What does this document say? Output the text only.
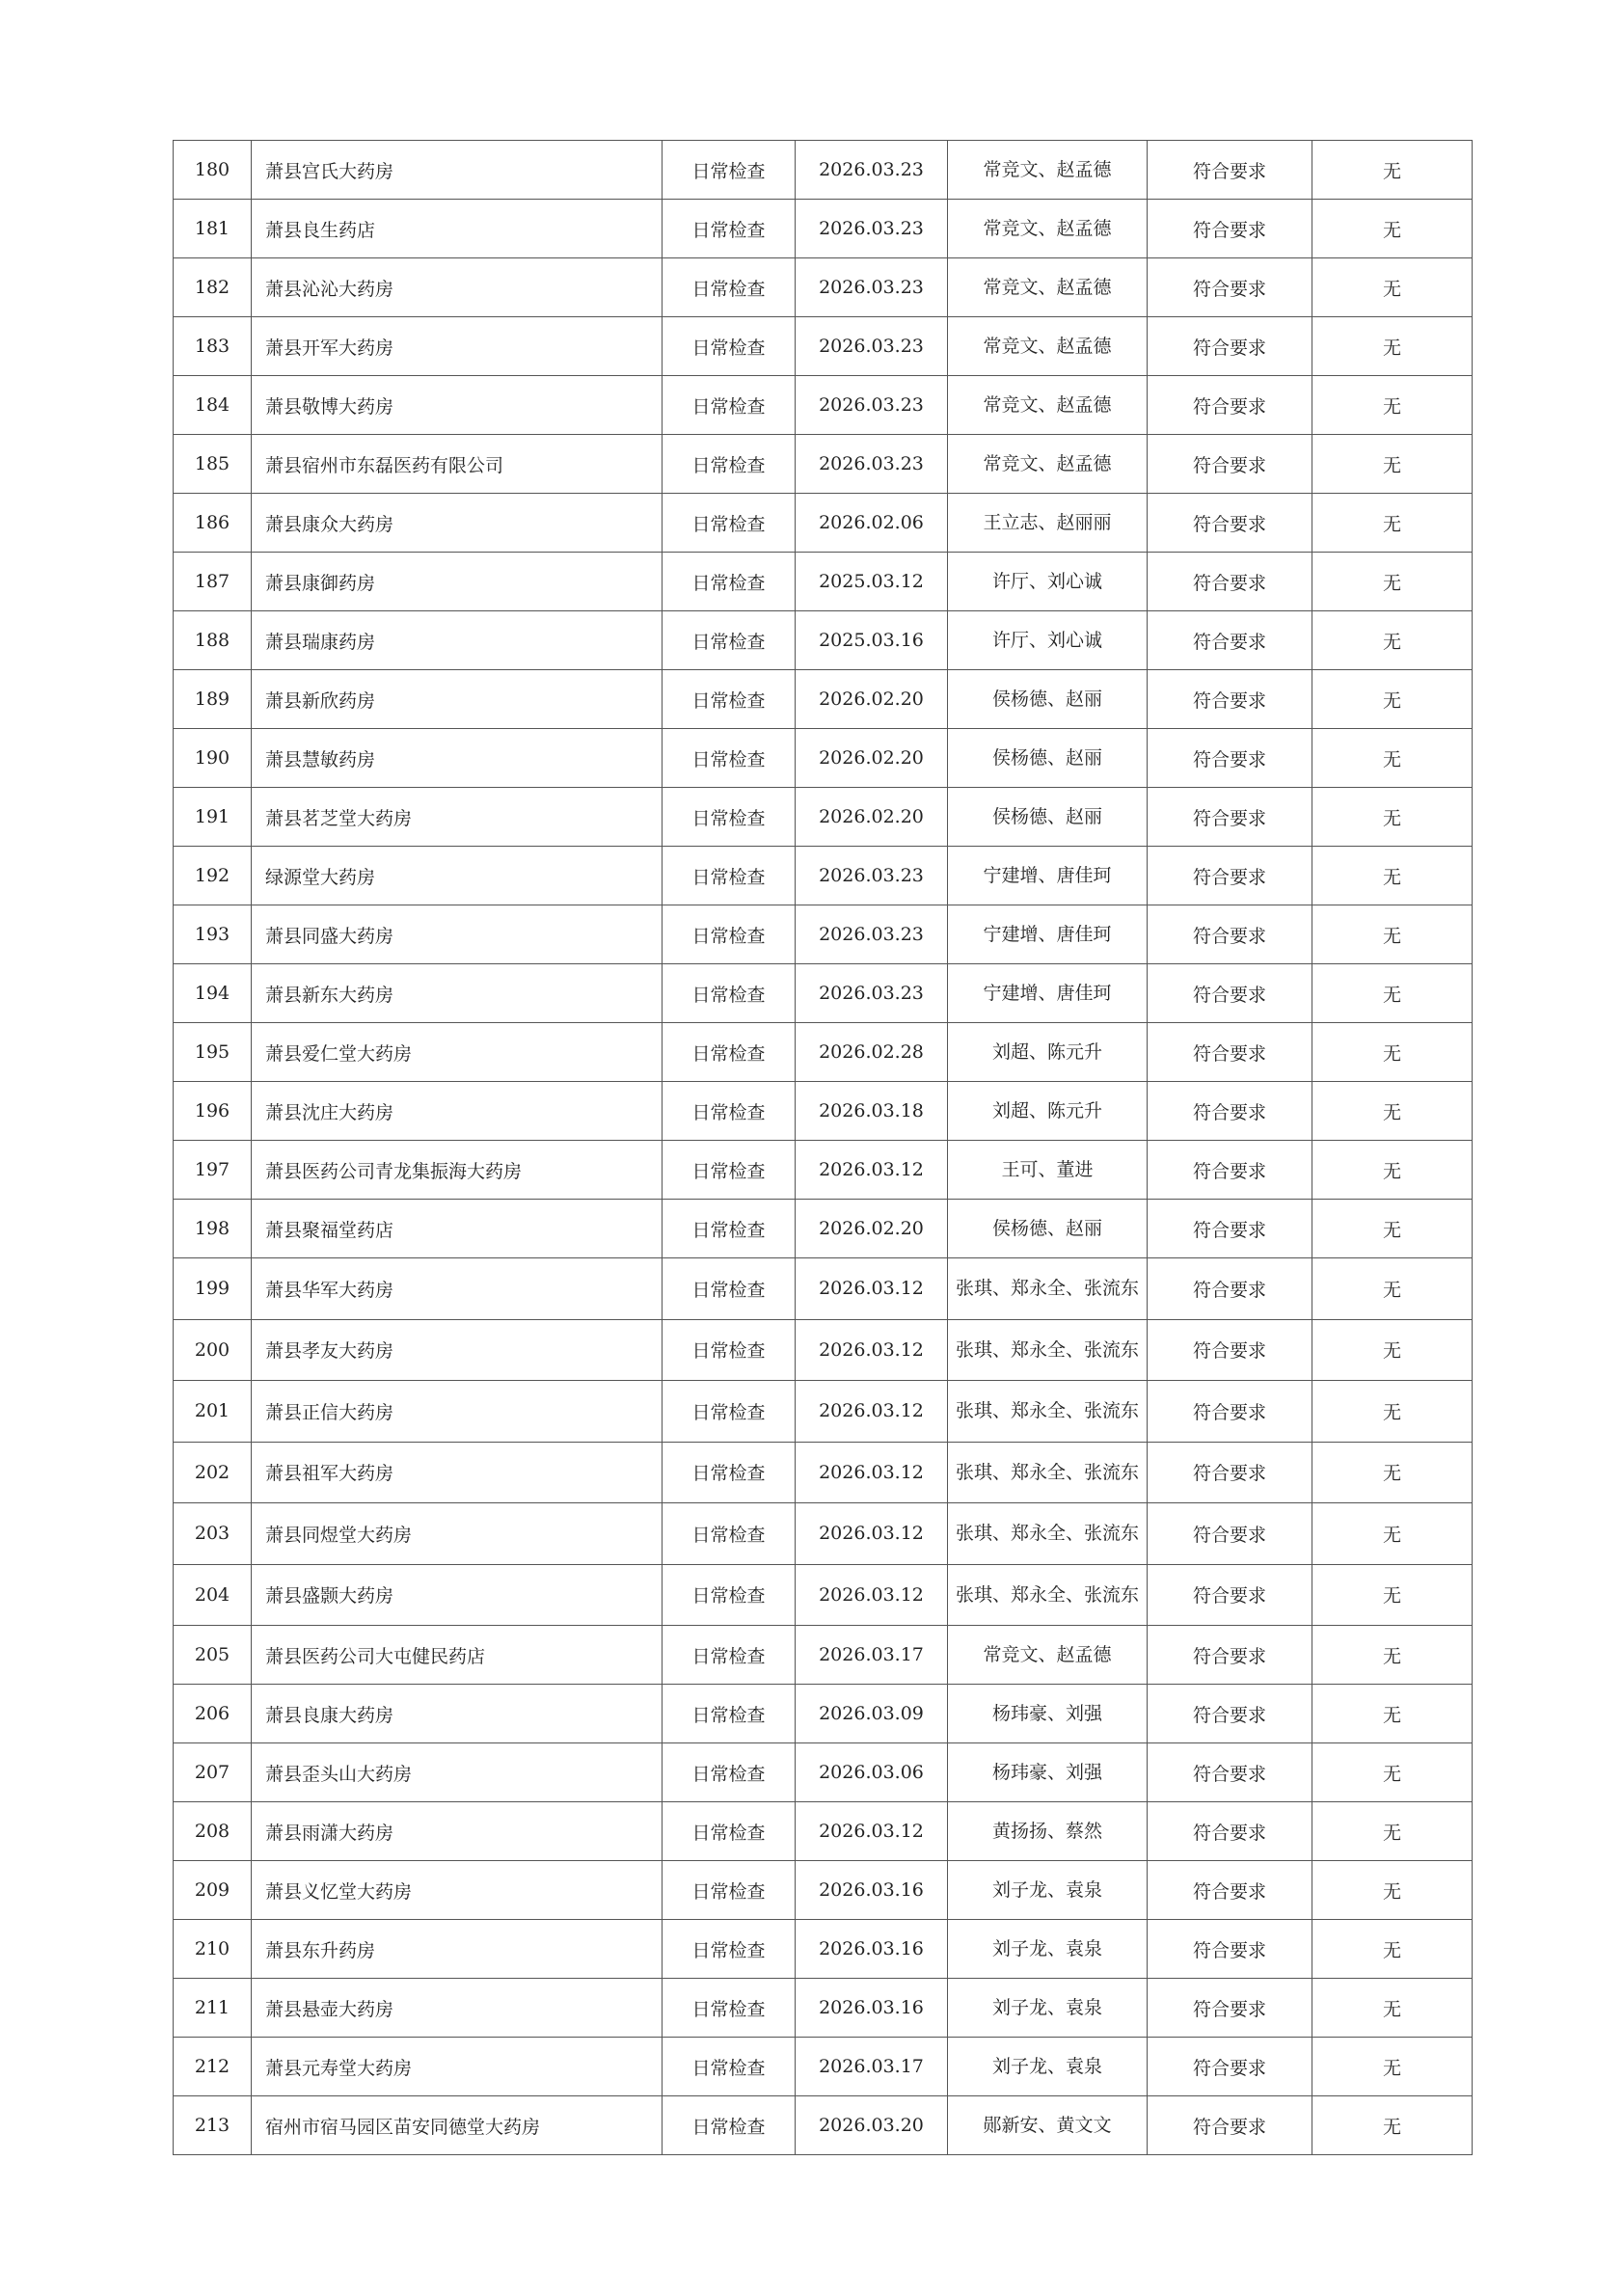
180	萧县宫氏大药房	日常检查	2026.03.23	常竞文、赵孟德	符合要求	无
181	萧县良生药店	日常检查	2026.03.23	常竞文、赵孟德	符合要求	无
182	萧县沁沁大药房	日常检查	2026.03.23	常竞文、赵孟德	符合要求	无
183	萧县开军大药房	日常检查	2026.03.23	常竞文、赵孟德	符合要求	无
184	萧县敬博大药房	日常检查	2026.03.23	常竞文、赵孟德	符合要求	无
185	萧县宿州市东磊医药有限公司	日常检查	2026.03.23	常竞文、赵孟德	符合要求	无
186	萧县康众大药房	日常检查	2026.02.06	王立志、赵丽丽	符合要求	无
187	萧县康御药房	日常检查	2025.03.12	许厅、刘心诚	符合要求	无
188	萧县瑞康药房	日常检查	2025.03.16	许厅、刘心诚	符合要求	无
189	萧县新欣药房	日常检查	2026.02.20	侯杨德、赵丽	符合要求	无
190	萧县慧敏药房	日常检查	2026.02.20	侯杨德、赵丽	符合要求	无
191	萧县茗芝堂大药房	日常检查	2026.02.20	侯杨德、赵丽	符合要求	无
192	绿源堂大药房	日常检查	2026.03.23	宁建增、唐佳珂	符合要求	无
193	萧县同盛大药房	日常检查	2026.03.23	宁建增、唐佳珂	符合要求	无
194	萧县新东大药房	日常检查	2026.03.23	宁建增、唐佳珂	符合要求	无
195	萧县爱仁堂大药房	日常检查	2026.02.28	刘超、陈元升	符合要求	无
196	萧县沈庄大药房	日常检查	2026.03.18	刘超、陈元升	符合要求	无
197	萧县医药公司青龙集振海大药房	日常检查	2026.03.12	王可、董进	符合要求	无
198	萧县聚福堂药店	日常检查	2026.02.20	侯杨德、赵丽	符合要求	无
199	萧县华军大药房	日常检查	2026.03.12	张琪、郑永全、张流东	符合要求	无
200	萧县孝友大药房	日常检查	2026.03.12	张琪、郑永全、张流东	符合要求	无
201	萧县正信大药房	日常检查	2026.03.12	张琪、郑永全、张流东	符合要求	无
202	萧县祖军大药房	日常检查	2026.03.12	张琪、郑永全、张流东	符合要求	无
203	萧县同煜堂大药房	日常检查	2026.03.12	张琪、郑永全、张流东	符合要求	无
204	萧县盛颢大药房	日常检查	2026.03.12	张琪、郑永全、张流东	符合要求	无
205	萧县医药公司大屯健民药店	日常检查	2026.03.17	常竞文、赵孟德	符合要求	无
206	萧县良康大药房	日常检查	2026.03.09	杨玮豪、刘强	符合要求	无
207	萧县歪头山大药房	日常检查	2026.03.06	杨玮豪、刘强	符合要求	无
208	萧县雨潇大药房	日常检查	2026.03.12	黄扬扬、蔡然	符合要求	无
209	萧县义忆堂大药房	日常检查	2026.03.16	刘子龙、袁泉	符合要求	无
210	萧县东升药房	日常检查	2026.03.16	刘子龙、袁泉	符合要求	无
211	萧县悬壶大药房	日常检查	2026.03.16	刘子龙、袁泉	符合要求	无
212	萧县元寿堂大药房	日常检查	2026.03.17	刘子龙、袁泉	符合要求	无
213	宿州市宿马园区苗安同德堂大药房	日常检查	2026.03.20	郧新安、黄文文	符合要求	无
